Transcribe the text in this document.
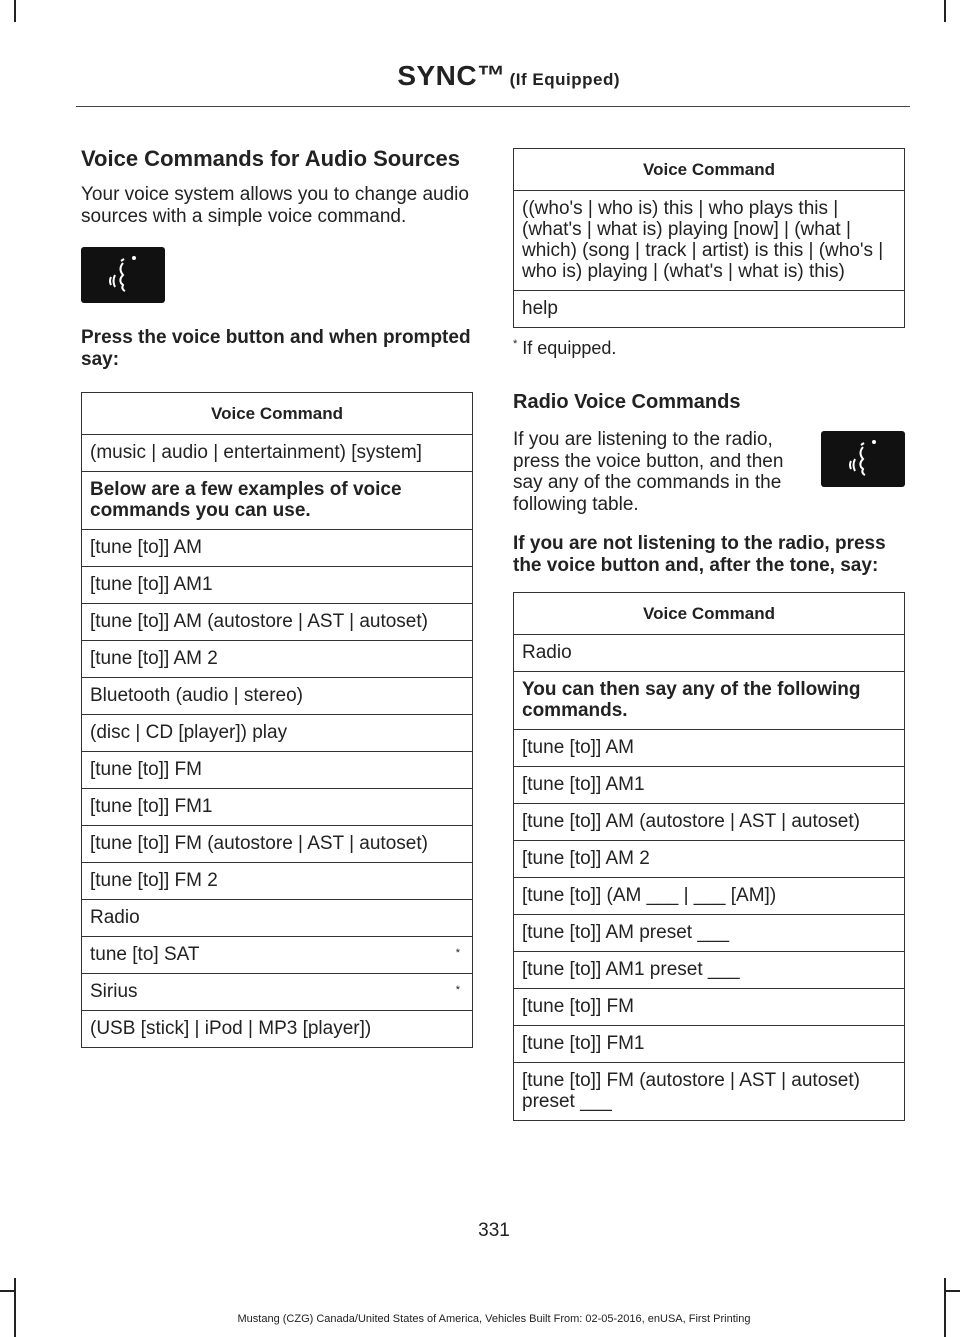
SYNC™ (If Equipped)
Voice Commands for Audio Sources

Your voice system allows you to change audio sources with a simple voice command.

Press the voice button and when prompted say:

Voice Command
(music | audio | entertainment) [system]
Below are a few examples of voice commands you can use.
[tune [to]] AM
[tune [to]] AM1
[tune [to]] AM (autostore | AST | autoset)
[tune [to]] AM 2
Bluetooth (audio | stereo)
(disc | CD [player]) play
[tune [to]] FM
[tune [to]] FM1
[tune [to]] FM (autostore | AST | autoset)
[tune [to]] FM 2
Radio
tune [to] SAT	*

Sirius	*

(USB [stick] | iPod | MP3 [player])
Voice Command
((who's | who is) this | who plays this | (what's | what is) playing [now] | (what | which) (song | track | artist) is this | (who's | who is) playing | (what's | what is) this)
help
* If equipped.
Radio Voice Commands

If you are listening to the radio, press the voice button, and then say any of the commands in the following table.

If you are not listening to the radio, press the voice button and, after the tone, say:

Voice Command
Radio
You can then say any of the following commands.
[tune [to]] AM
[tune [to]] AM1
[tune [to]] AM (autostore | AST | autoset)
[tune [to]] AM 2
[tune [to]] (AM ___ | ___ [AM])
[tune [to]] AM preset ___
[tune [to]] AM1 preset ___
[tune [to]] FM
[tune [to]] FM1
[tune [to]] FM (autostore | AST | autoset) preset ___
331
Mustang (CZG) Canada/United States of America, Vehicles Built From: 02-05-2016, enUSA, First Printing
